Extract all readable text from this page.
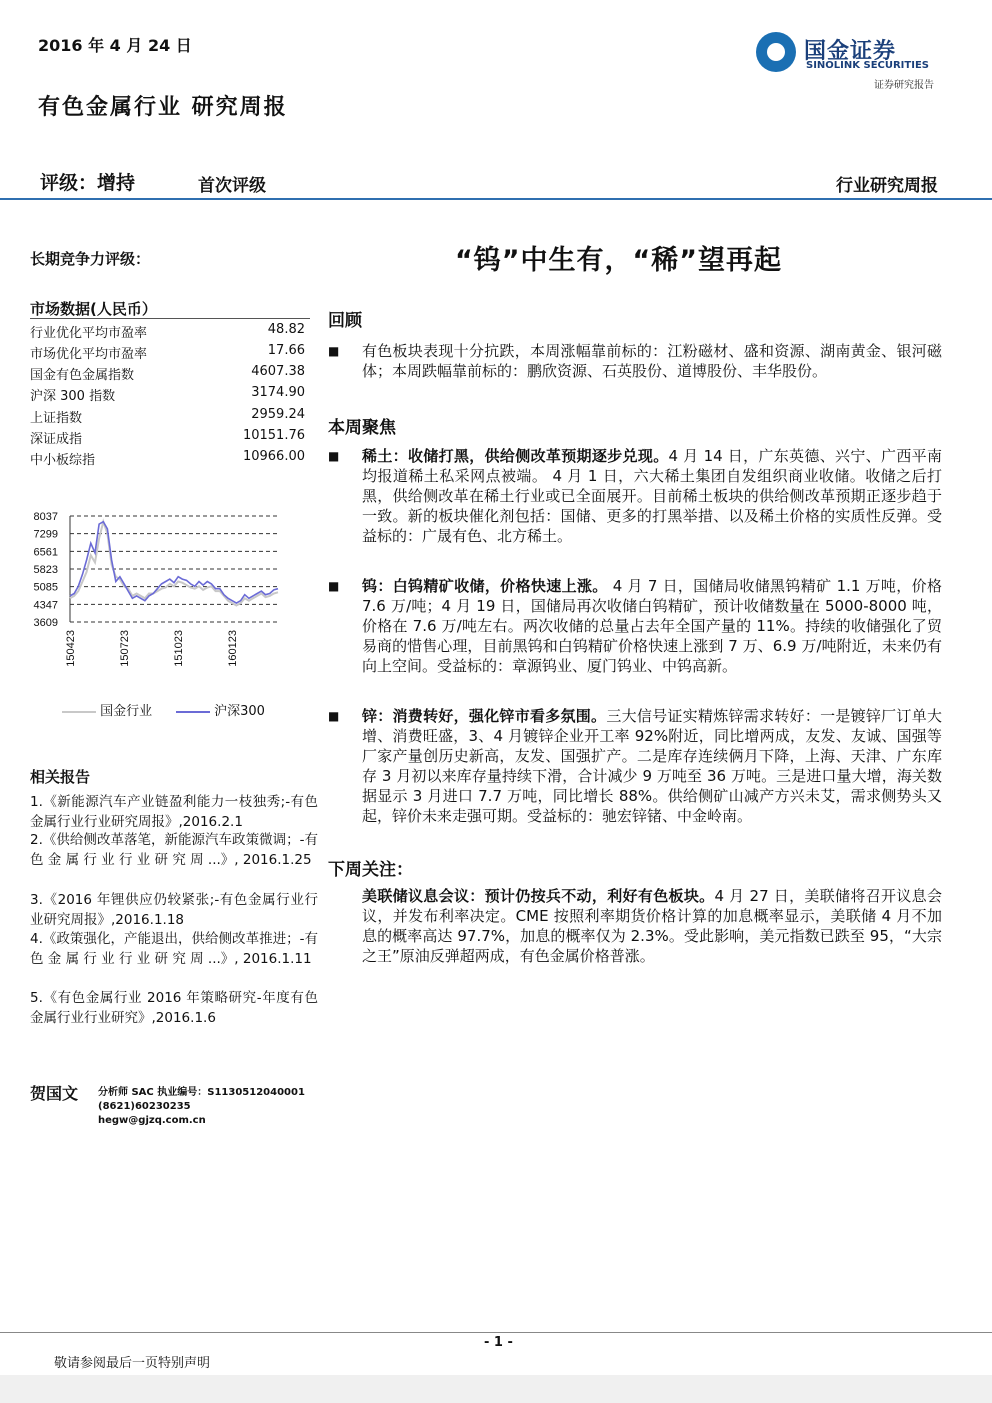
2016 年 4 月 24 日	国金证券
SINOLINK SECURITIES
证券研究报告
有色金属行业 研究周报
评级：增持	首次评级	行业研究周报
长期竞争力评级：
市场数据(人民币）
行业优化平均市盈率	48.82
市场优化平均市盈率	17.66
国金有色金属指数	4607.38
沪深 300 指数	3174.90
上证指数	2959.24
深证成指	10151.76
中小板综指	10966.00
8037
7299
6561
5823
5085
4347
3609
150423	150723	151023	160123
国金行业	沪深300
相关报告
1.《新能源汽车产业链盈利能力一枝独秀;-有色金属行业行业研究周报》,2016.2.1
2.《供给侧改革落笔，新能源汽车政策微调；-有 色 金 属 行 业 行 业 研 究 周 ...》, 2016.1.25
3.《2016 年锂供应仍较紧张;-有色金属行业行业研究周报》,2016.1.18
4.《政策强化，产能退出，供给侧改革推进；-有 色 金 属 行 业 行 业 研 究 周 ...》, 2016.1.11
5.《有色金属行业 2016 年策略研究-年度有色金属行业行业研究》,2016.1.6
贺国文 分析师 SAC 执业编号：S1130512040001
(8621)60230235
hegw@gjzq.com.cn
“钨”中生有，“稀”望再起
回顾
■ 有色板块表现十分抗跌，本周涨幅靠前标的：江粉磁材、盛和资源、湖南黄金、银河磁体；本周跌幅靠前标的：鹏欣资源、石英股份、道博股份、丰华股份。
本周聚焦
■ 稀土：收储打黑，供给侧改革预期逐步兑现。4 月 14 日，广东英德、兴宁、广西平南均报道稀土私采网点被端。 4 月 1 日，六大稀土集团自发组织商业收储。收储之后打黑，供给侧改革在稀土行业或已全面展开。目前稀土板块的供给侧改革预期正逐步趋于一致。新的板块催化剂包括：国储、更多的打黑举措、以及稀土价格的实质性反弹。受益标的：广晟有色、北方稀土。
■ 钨：白钨精矿收储，价格快速上涨。 4 月 7 日，国储局收储黑钨精矿 1.1 万吨，价格 7.6 万/吨；4 月 19 日，国储局再次收储白钨精矿，预计收储数量在 5000-8000 吨，价格在 7.6 万/吨左右。两次收储的总量占去年全国产量的 11%。持续的收储强化了贸易商的惜售心理，目前黑钨和白钨精矿价格快速上涨到 7 万、6.9 万/吨附近，未来仍有向上空间。受益标的：章源钨业、厦门钨业、中钨高新。
■ 锌：消费转好，强化锌市看多氛围。三大信号证实精炼锌需求转好：一是镀锌厂订单大增、消费旺盛，3、4 月镀锌企业开工率 92%附近，同比增两成，友发、友诚、国强等厂家产量创历史新高，友发、国强扩产。二是库存连续俩月下降，上海、天津、广东库存 3 月初以来库存量持续下滑，合计减少 9 万吨至 36 万吨。三是进口量大增，海关数据显示 3 月进口 7.7 万吨，同比增长 88%。供给侧矿山减产方兴未艾，需求侧势头又起，锌价未来走强可期。受益标的：驰宏锌锗、中金岭南。
下周关注：
美联储议息会议：预计仍按兵不动，利好有色板块。4 月 27 日，美联储将召开议息会议，并发布利率决定。CME 按照利率期货价格计算的加息概率显示，美联储 4 月不加息的概率高达 97.7%，加息的概率仅为 2.3%。受此影响，美元指数已跌至 95，“大宗之王”原油反弹超两成，有色金属价格普涨。
- 1 -
敬请参阅最后一页特别声明
